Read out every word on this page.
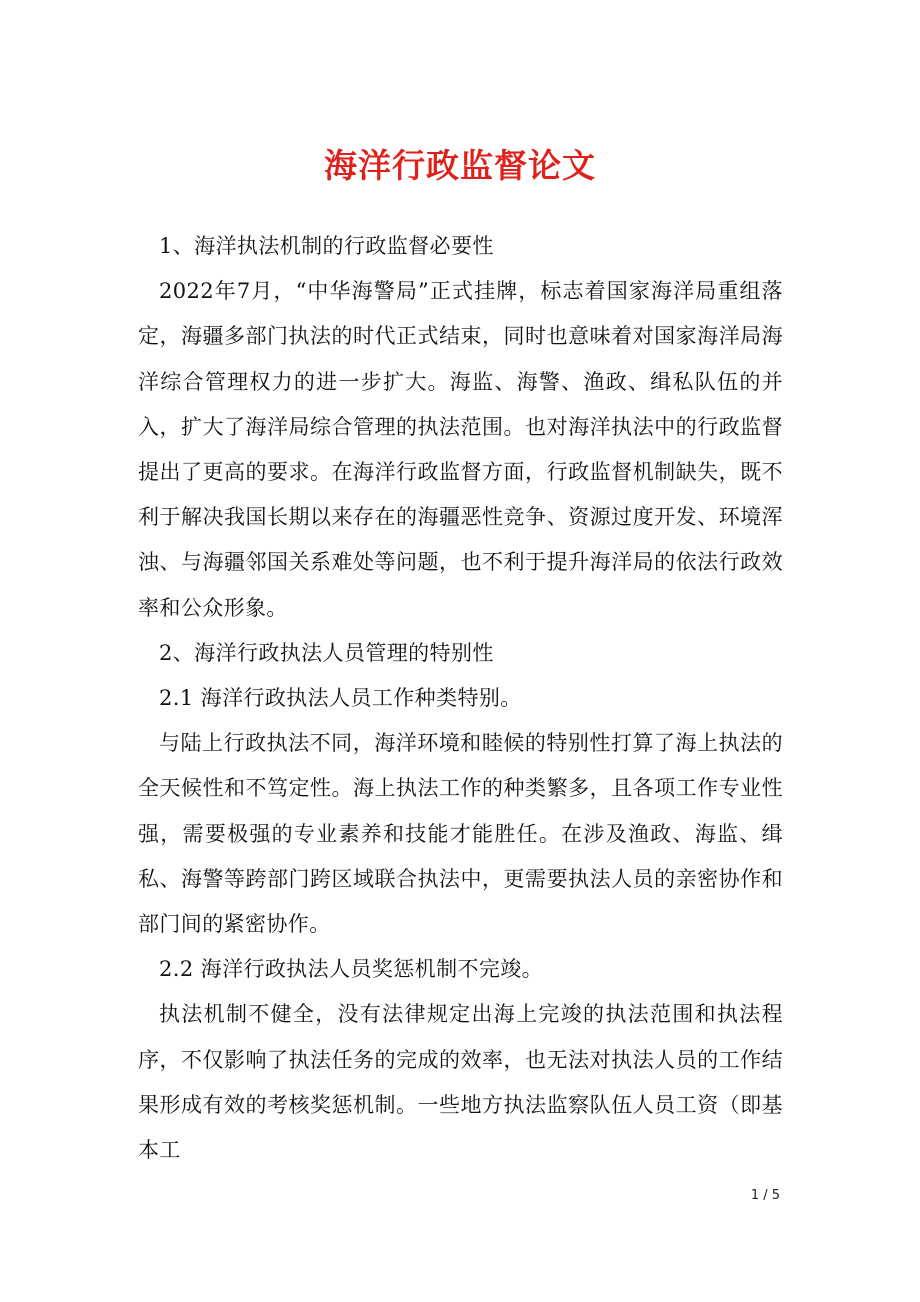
海洋行政监督论文

1、海洋执法机制的行政监督必要性

2022年7月，“中华海警局”正式挂牌，标志着国家海洋局重组落定，海疆多部门执法的时代正式结束，同时也意味着对国家海洋局海洋综合管理权力的进一步扩大。海监、海警、渔政、缉私队伍的并入，扩大了海洋局综合管理的执法范围。也对海洋执法中的行政监督提出了更高的要求。在海洋行政监督方面，行政监督机制缺失，既不利于解决我国长期以来存在的海疆恶性竞争、资源过度开发、环境浑浊、与海疆邻国关系难处等问题，也不利于提升海洋局的依法行政效率和公众形象。

2、海洋行政执法人员管理的特别性

2.1 海洋行政执法人员工作种类特别。

与陆上行政执法不同，海洋环境和睦候的特别性打算了海上执法的全天候性和不笃定性。海上执法工作的种类繁多，且各项工作专业性强，需要极强的专业素养和技能才能胜任。在涉及渔政、海监、缉私、海警等跨部门跨区域联合执法中，更需要执法人员的亲密协作和部门间的紧密协作。

2.2 海洋行政执法人员奖惩机制不完竣。

执法机制不健全，没有法律规定出海上完竣的执法范围和执法程序，不仅影响了执法任务的完成的效率，也无法对执法人员的工作结果形成有效的考核奖惩机制。一些地方执法监察队伍人员工资（即基本工

1 / 5
